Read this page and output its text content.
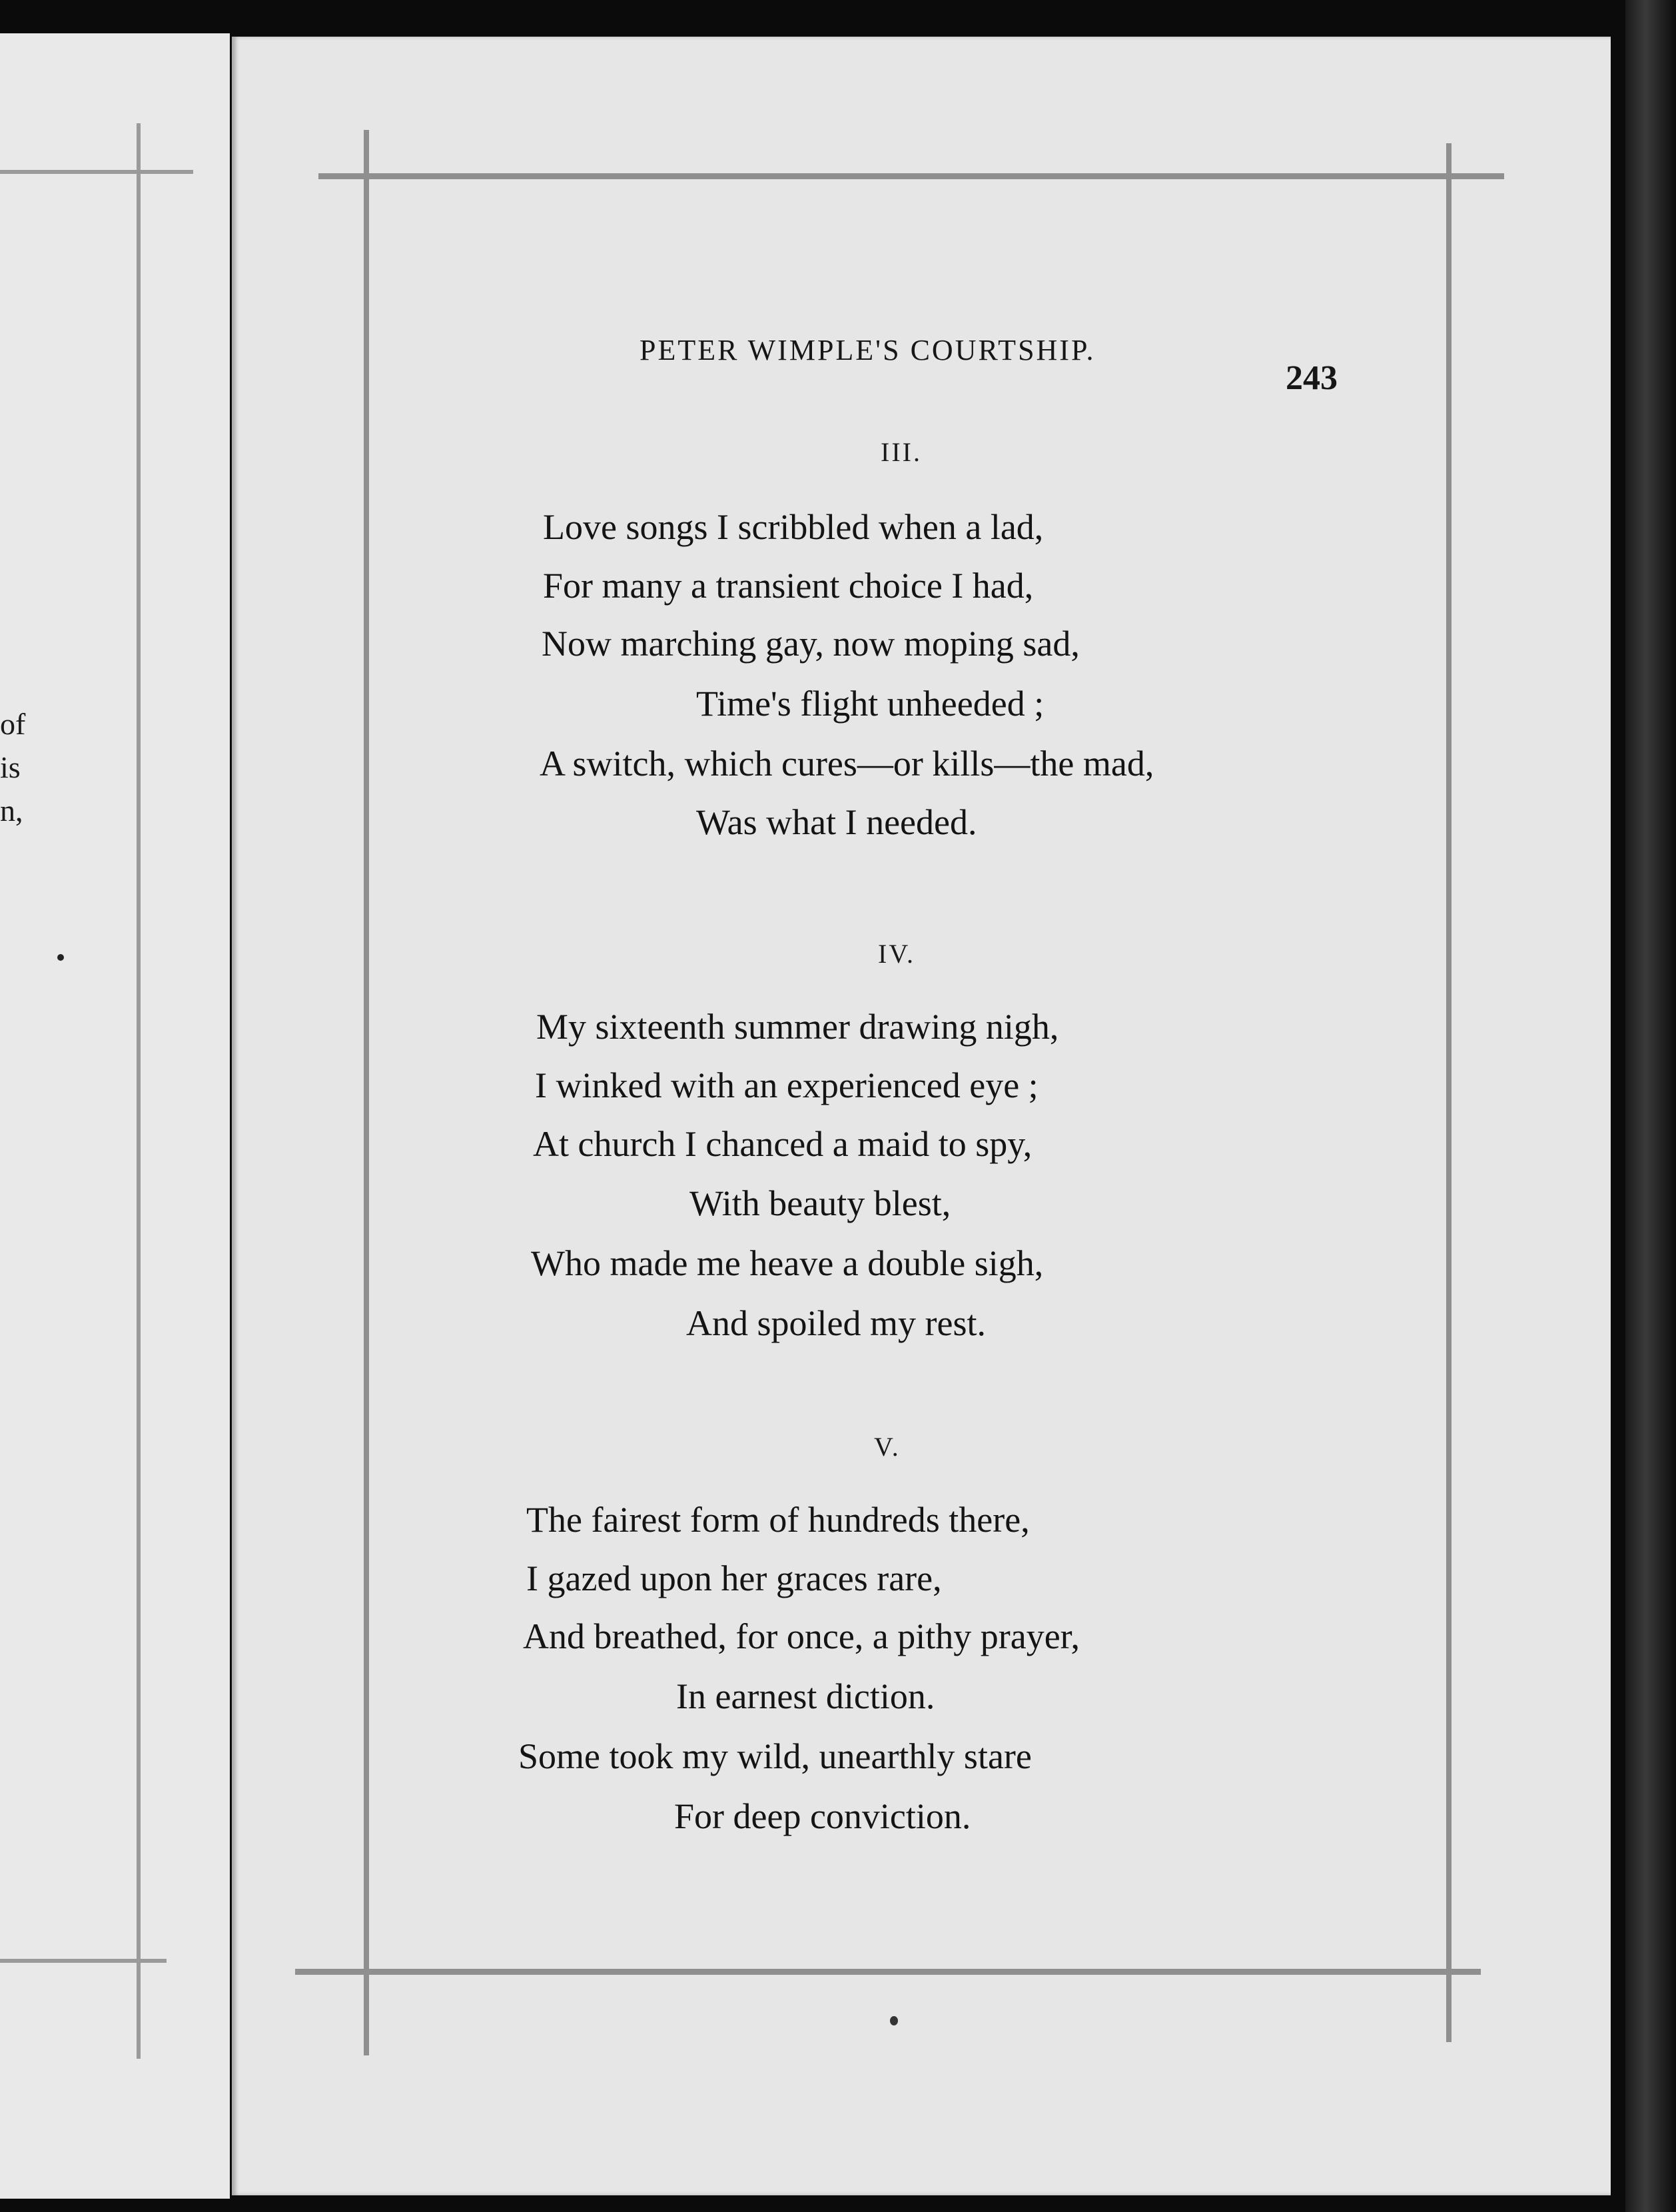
of
is
n,
PETER WIMPLE'S COURTSHIP.
243
III.
Love songs I scribbled when a lad,
For many a transient choice I had,
Now marching gay, now moping sad,
Time's flight unheeded ;
A switch, which cures—or kills—the mad,
Was what I needed.
IV.
My sixteenth summer drawing nigh,
I winked with an experienced eye ;
At church I chanced a maid to spy,
With beauty blest,
Who made me heave a double sigh,
And spoiled my rest.
V.
The fairest form of hundreds there,
I gazed upon her graces rare,
And breathed, for once, a pithy prayer,
In earnest diction.
Some took my wild, unearthly stare
For deep conviction.
